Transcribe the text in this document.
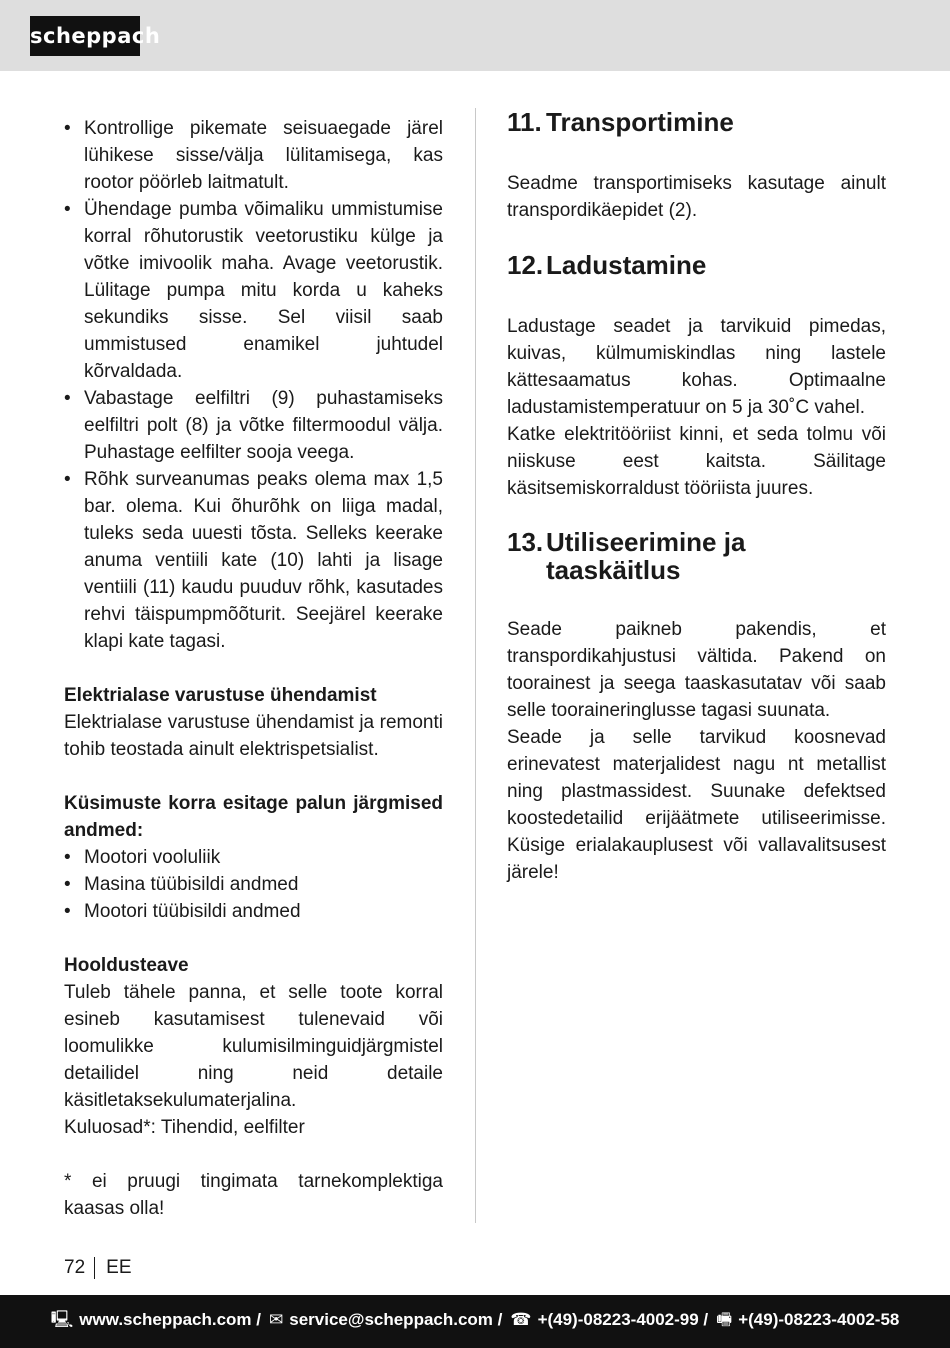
scheppach
• Kontrollige pikemate seisuaegade järel lühikese sisse/välja lülitamisega, kas rootor pöörleb laitmatult.
• Ühendage pumba võimaliku ummistumise korral rõhutorustik veetorustiku külge ja võtke imivoolik maha. Avage veetorustik. Lülitage pumpa mitu korda u kaheks sekundiks sisse. Sel viisil saab ummistused enamikel juhtudel kõrvaldada.
• Vabastage eelfiltri (9) puhastamiseks eelfiltri polt (8) ja võtke filtermoodul välja. Puhastage eelfilter sooja veega.
• Rõhk surveanumas peaks olema max 1,5 bar. olema. Kui õhurõhk on liiga madal, tuleks seda uuesti tõsta. Selleks keerake anuma ventiili kate (10) lahti ja lisage ventiili (11) kaudu puuduv rõhk, kasutades rehvi täispumpmõõturit. Seejärel keerake klapi kate tagasi.

Elektrialase varustuse ühendamist

Elektrialase varustuse ühendamist ja remonti tohib teostada ainult elektrispetsialist.

Küsimuste korra esitage palun järgmised andmed:

• Mootori vooluliik
• Masina tüübisildi andmed
• Mootori tüübisildi andmed

Hooldusteave

Tuleb tähele panna, et selle toote korral esineb kasutamisest tulenevaid või loomulikke kulumisilminguidjärgmistel detailidel ning neid detaile käsitletaksekulumaterjalina.

Kuluosad*: Tihendid, eelfilter

* ei pruugi tingimata tarnekomplektiga kaasas olla!

11. Transportimine

Seadme transportimiseks kasutage ainult transpordikäepidet (2).

12. Ladustamine

Ladustage seadet ja tarvikuid pimedas, kuivas, külmumiskindlas ning lastele kättesaamatus kohas. Optimaalne ladustamistemperatuur on 5 ja 30˚C vahel.

Katke elektritööriist kinni, et seda tolmu või niiskuse eest kaitsta. Säilitage käsitsemiskorraldust tööriista juures.

13. Utiliseerimine ja taaskäitlus

Seade paikneb pakendis, et transpordikahjustusi vältida. Pakend on toorainest ja seega taaskasutatav või saab selle tooraineringlusse tagasi suunata.

Seade ja selle tarvikud koosnevad erinevatest materjalidest nagu nt metallist ning plastmassidest. Suunake defektsed koostedetailid erijäätmete utiliseerimisse. Küsige erialakauplusest või vallavalitsusest järele!

72 EE
🖳 www.scheppach.com / ✉ service@scheppach.com / ☎ +(49)-08223-4002-99 / 🖷 +(49)-08223-4002-58
